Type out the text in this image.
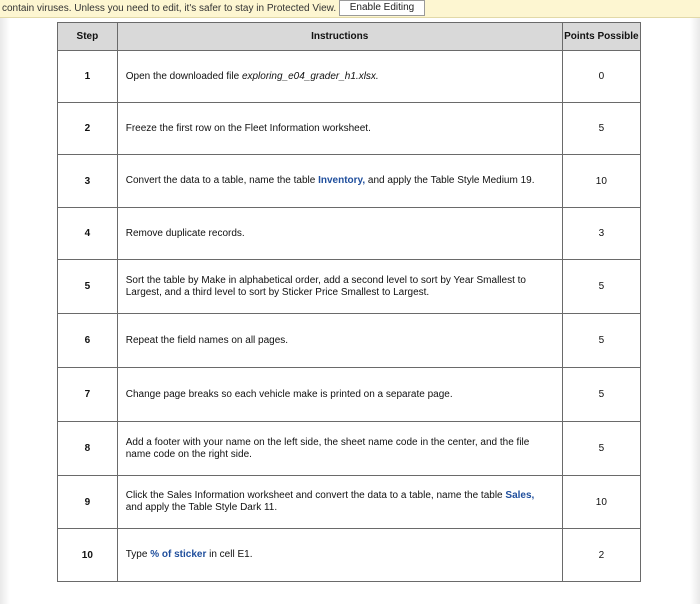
contain viruses. Unless you need to edit, it's safer to stay in Protected View.	Enable Editing
Step	Instructions	Points Possible
1	Open the downloaded file exploring_e04_grader_h1.xlsx.	0
2	Freeze the first row on the Fleet Information worksheet.	5
3	Convert the data to a table, name the table Inventory, and apply the Table Style Medium 19.	10
4	Remove duplicate records.	3
5	Sort the table by Make in alphabetical order, add a second level to sort by Year Smallest to Largest, and a third level to sort by Sticker Price Smallest to Largest.	5
6	Repeat the field names on all pages.	5
7	Change page breaks so each vehicle make is printed on a separate page.	5
8	Add a footer with your name on the left side, the sheet name code in the center, and the file name code on the right side.	5
9	Click the Sales Information worksheet and convert the data to a table, name the table Sales, and apply the Table Style Dark 11.	10
10	Type % of sticker in cell E1.	2
